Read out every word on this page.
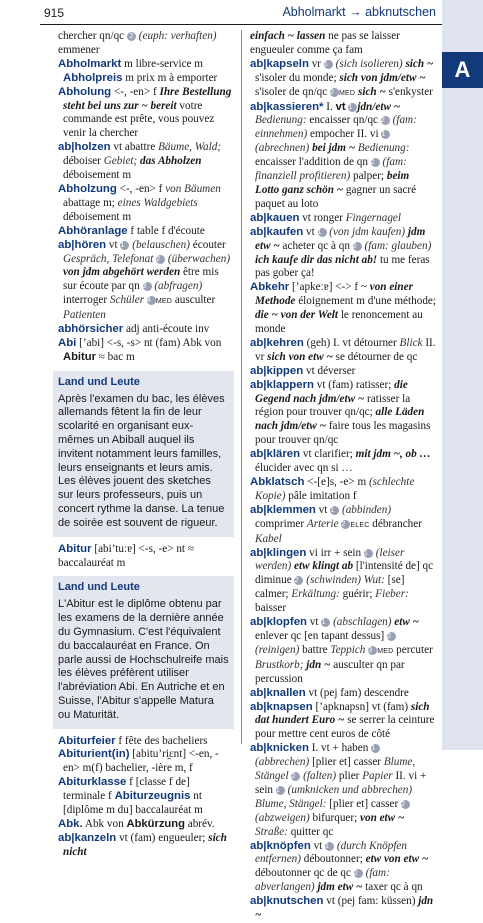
915	Abholmarkt → abknutschen
A

chercher qn/qc 2 (euph: verhaften) emmener

Abholmarkt m libre-service m Abholpreis m prix m à emporter

Abholung <-, -en> f Ihre Bestellung steht bei uns zur ~ bereit votre commande est prête, vous pouvez venir la chercher

ab|holzen vt abattre Bäume, Wald; déboiser Gebiet; das Abholzen déboisement m

Abholzung <-, -en> f von Bäumen abattage m; eines Waldgebiets déboisement m

Abhöranlage f table f d'écoute

ab|hören vt 1 (belauschen) écouter Gespräch, Telefonat 2 (überwachen) von jdm abgehört werden être mis sur écoute par qn 3 (abfragen) interroger Schüler 4 MED ausculter Patienten

abhörsicher adj anti-écoute inv

Abi [’abi] <-s, -s> nt (fam) Abk von Abitur ≈ bac m

Land und Leute
Après l'examen du bac, les élèves allemands fêtent la fin de leur scolarité en organisant eux-mêmes un Abiball auquel ils invitent notamment leurs familles, leurs enseignants et leurs amis. Les élèves jouent des sketches sur leurs professeurs, puis un concert rythme la danse. La tenue de soirée est souvent de rigueur.

Abitur [abi’tuːɐ] <-s, -e> nt ≈ baccalauréat m

Land und Leute
L'Abitur est le diplôme obtenu par les examens de la dernière année du Gymnasium. C'est l'équivalent du baccalauréat en France. On parle aussi de Hochschulreife mais les élèves préfèrent utiliser l'abréviation Abi. En Autriche et en Suisse, l'Abitur s'appelle Matura ou Maturität.

Abiturfeier f fête des bacheliers

Abiturient(in) [abitu’ri̯ɛnt] <-en, -en> m(f) bachelier, -ière m, f

Abiturklasse f [classe f de] terminale f Abiturzeugnis nt [diplôme m du] baccalauréat m

Abk. Abk von Abkürzung abrév.

ab|kanzeln vt (fam) engueuler; sich nicht

einfach ~ lassen ne pas se laisser engueuler comme ça fam

ab|kapseln vr 1 (sich isolieren) sich ~ s'isoler du monde; sich von jdm/etw ~ s'isoler de qn/qc 2 MED sich ~ s'enkyster

ab|kassieren* I. vt 1 jdn/etw ~ Bedienung: encaisser qn/qc 2 (fam: einnehmen) empocher II. vi 1 (abrechnen) bei jdm ~ Bedienung: encaisser l'addition de qn 2 (fam: finanziell profitieren) palper; beim Lotto ganz schön ~ gagner un sacré paquet au loto

ab|kauen vt ronger Fingernagel

ab|kaufen vt 1 (von jdm kaufen) jdm etw ~ acheter qc à qn 2 (fam: glauben) ich kaufe dir das nicht ab! tu me feras pas gober ça!

Abkehr [’apkeːɐ] <-> f ~ von einer Methode éloignement m d'une méthode; die ~ von der Welt le renoncement au monde

ab|kehren (geh) I. vt détourner Blick II. vr sich von etw ~ se détourner de qc

ab|kippen vt déverser

ab|klappern vt (fam) ratisser; die Gegend nach jdm/etw ~ ratisser la région pour trouver qn/qc; alle Läden nach jdm/etw ~ faire tous les magasins pour trouver qn/qc

ab|klären vt clarifier; mit jdm ~, ob … élucider avec qn si …

Abklatsch <-[e]s, -e> m (schlechte Kopie) pâle imitation f

ab|klemmen vt 1 (abbinden) comprimer Arterie 2 ELEC débrancher Kabel

ab|klingen vi irr + sein 1 (leiser werden) etw klingt ab [l'intensité de] qc diminue 2 (schwinden) Wut: [se] calmer; Erkältung: guérir; Fieber: baisser

ab|klopfen vt 1 (abschlagen) etw ~ enlever qc [en tapant dessus] 2 (reinigen) battre Teppich 3 MED percuter Brustkorb; jdn ~ ausculter qn par percussion

ab|knallen vt (pej fam) descendre

ab|knapsen [’apknapsn] vt (fam) sich dat hundert Euro ~ se serrer la ceinture pour mettre cent euros de côté

ab|knicken I. vt + haben 1 (abbrechen) [plier et] casser Blume, Stängel 2 (falten) plier Papier II. vi + sein 1 (umknicken und abbrechen) Blume, Stängel: [plier et] casser 2 (abzweigen) bifurquer; von etw ~ Straße: quitter qc

ab|knöpfen vt 1 (durch Knöpfen entfernen) déboutonner; etw von etw ~ déboutonner qc de qc 2 (fam: abverlangen) jdm etw ~ taxer qc à qn

ab|knutschen vt (pej fam: küssen) jdn ~
